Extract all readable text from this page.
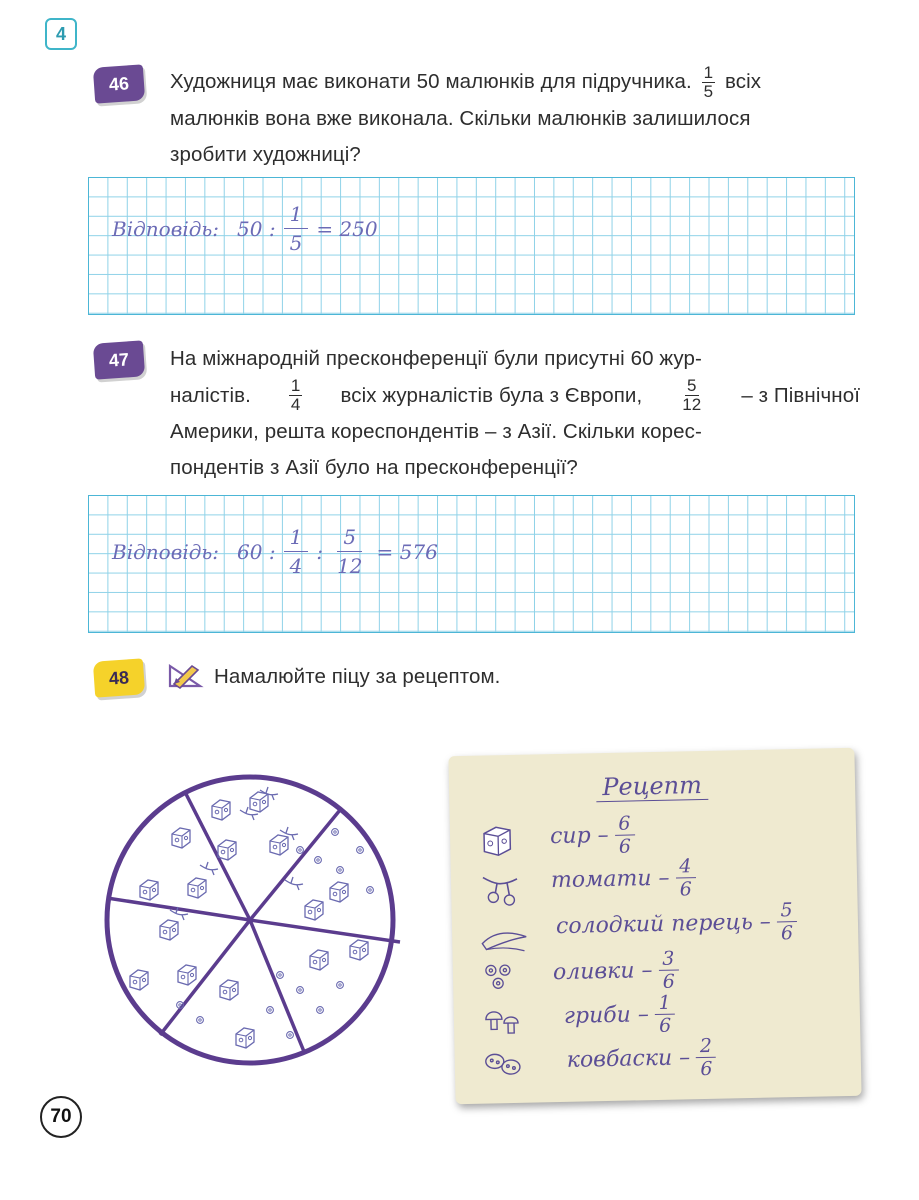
4
46	Художниця має виконати 50 малюнків для підручника. $\frac{1}{5}$ всіх
малюнків вона вже виконала. Скільки малюнків залишилося
зробити художниці?
Відповідь: 50 : $\frac{1}{5} = 250$
47	На міжнародній пресконференції були присутні 60 жур-
налістів. $\frac{1}{4}$ всіх журналістів була з Європи, $\frac{5}{12}$ – з Північної
Америки, решта кореспондентів – з Азії. Скільки корес-
пондентів з Азії було на пресконференції?
Відповідь: 60 :
1
4
: $\frac{5}{12} = 576$
48	Намалюйте піцу за рецептом.
Рецепт
сир – 6
6
томати – 4
6
солодкий перець – 5
6
оливки – 3
6
гриби – 1
6
ковбаски – 2
6
70
